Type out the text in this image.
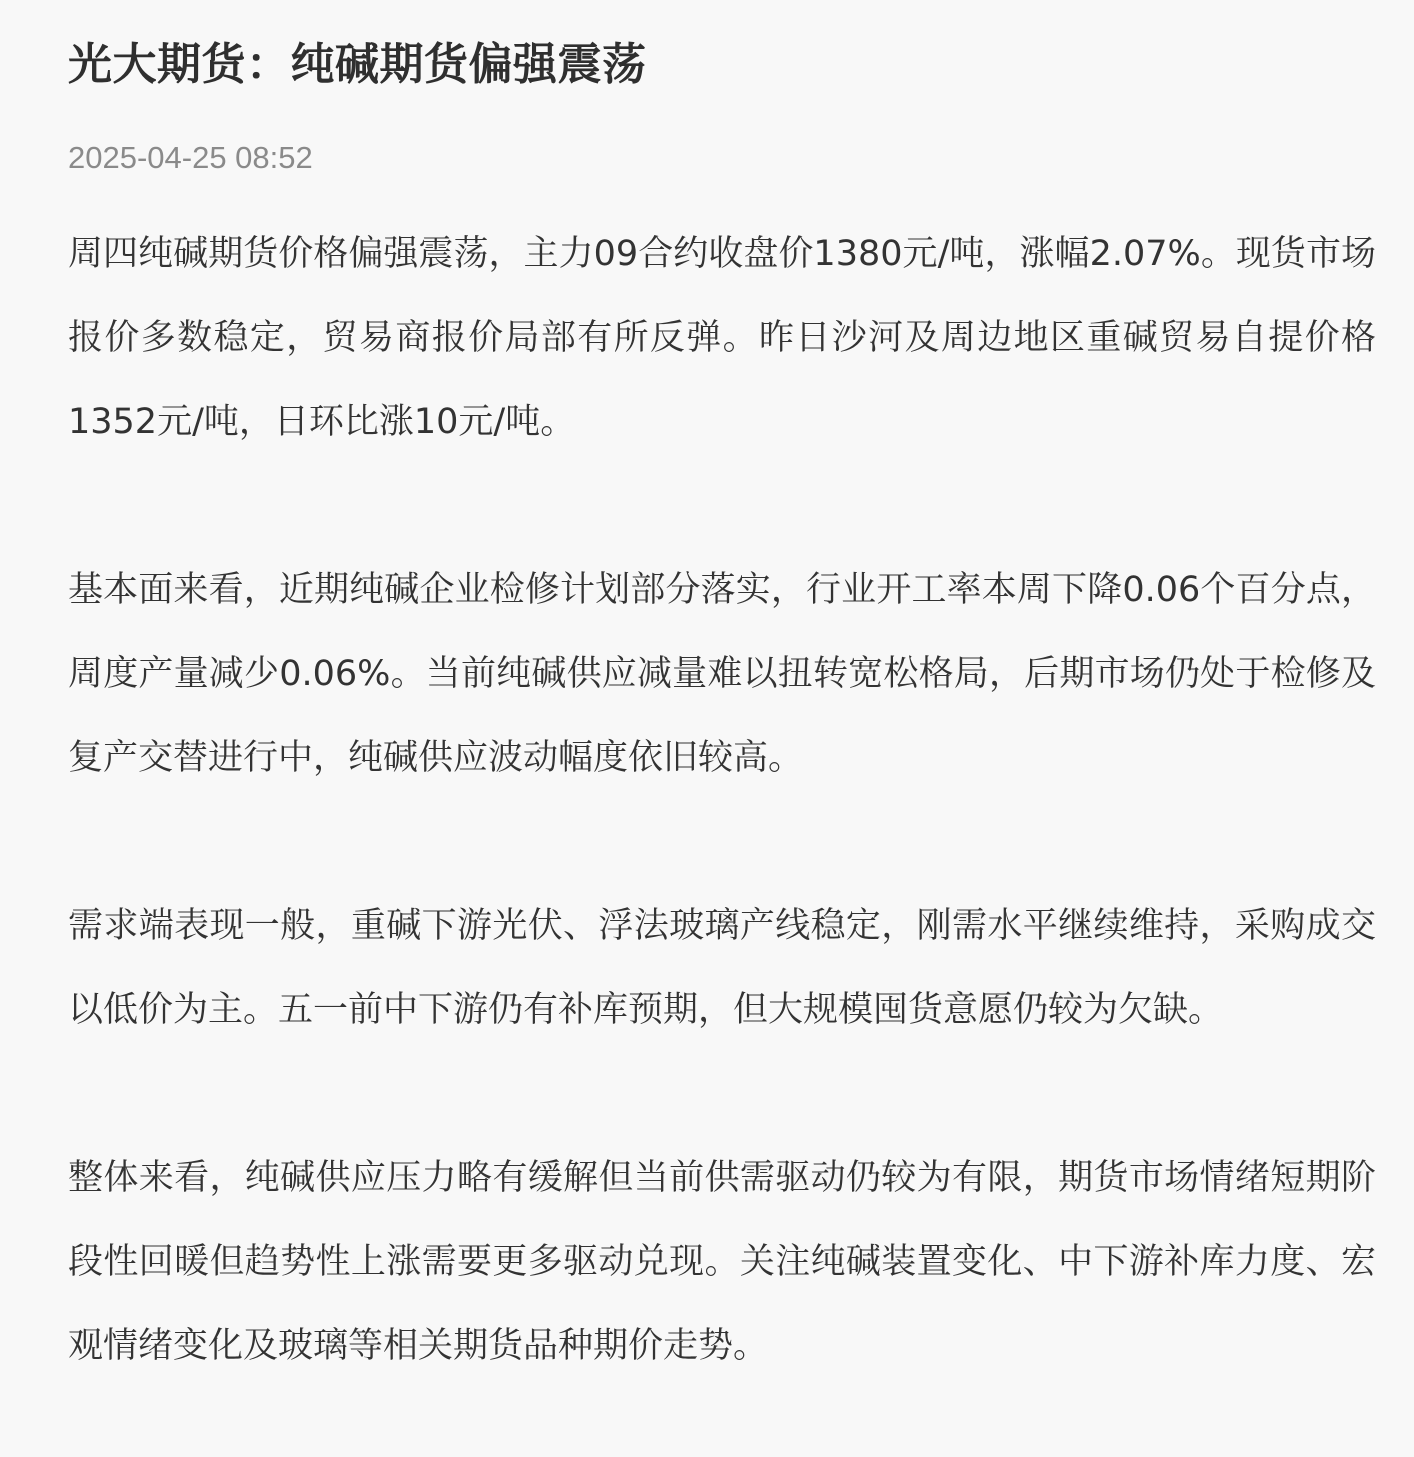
光大期货：纯碱期货偏强震荡
2025-04-25 08:52

周四纯碱期货价格偏强震荡，主力09合约收盘价1380元/吨，涨幅2.07%。现货市场报价多数稳定，贸易商报价局部有所反弹。昨日沙河及周边地区重碱贸易自提价格1352元/吨，日环比涨10元/吨。

基本面来看，近期纯碱企业检修计划部分落实，行业开工率本周下降0.06个百分点，周度产量减少0.06%。当前纯碱供应减量难以扭转宽松格局，后期市场仍处于检修及复产交替进行中，纯碱供应波动幅度依旧较高。

需求端表现一般，重碱下游光伏、浮法玻璃产线稳定，刚需水平继续维持，采购成交以低价为主。五一前中下游仍有补库预期，但大规模囤货意愿仍较为欠缺。

整体来看，纯碱供应压力略有缓解但当前供需驱动仍较为有限，期货市场情绪短期阶段性回暖但趋势性上涨需要更多驱动兑现。关注纯碱装置变化、中下游补库力度、宏观情绪变化及玻璃等相关期货品种期价走势。
